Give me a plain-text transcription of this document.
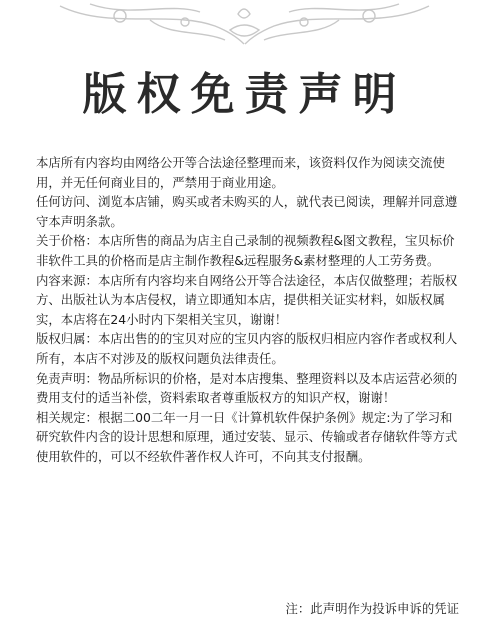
版权免责声明

本店所有内容均由网络公开等合法途径整理而来，该资料仅作为阅读交流使用，并无任何商业目的，严禁用于商业用途。

任何访问、浏览本店铺，购买或者未购买的人，就代表已阅读，理解并同意遵守本声明条款。

关于价格：本店所售的商品为店主自己录制的视频教程&图文教程，宝贝标价非软件工具的价格而是店主制作教程&远程服务&素材整理的人工劳务费。

内容来源：本店所有内容均来自网络公开等合法途径，本店仅做整理；若版权方、出版社认为本店侵权，请立即通知本店，提供相关证实材料，如版权属实，本店将在24小时内下架相关宝贝，谢谢！

版权归属：本店出售的的宝贝对应的宝贝内容的版权归相应内容作者或权利人所有，本店不对涉及的版权问题负法律责任。

免责声明：物品所标识的价格，是对本店搜集、整理资料以及本店运营必须的费用支付的适当补偿，资料索取者尊重版权方的知识产权，谢谢！

相关规定：根据二00二年一月一日《计算机软件保护条例》规定:为了学习和研究软件内含的设计思想和原理，通过安装、显示、传输或者存储软件等方式使用软件的，可以不经软件著作权人许可，不向其支付报酬。

注：此声明作为投诉申诉的凭证
